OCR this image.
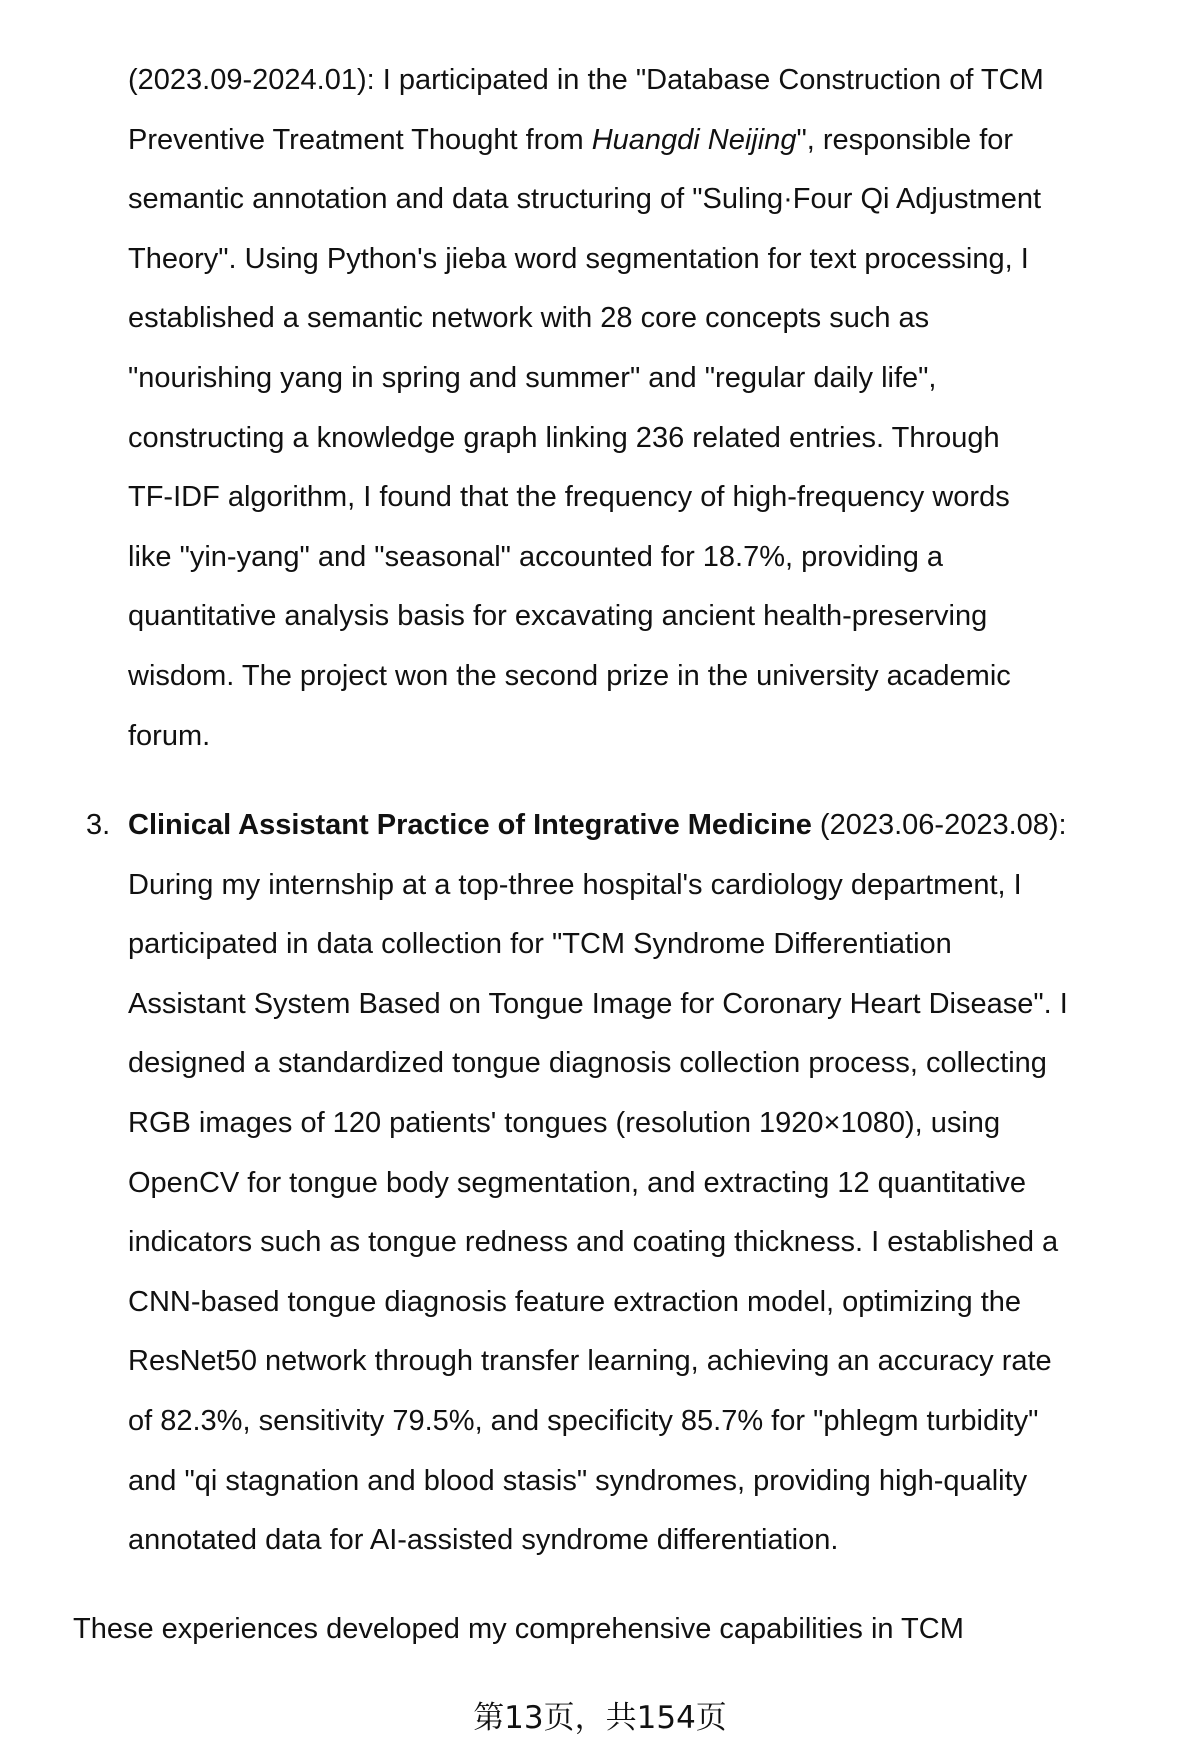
(2023.09-2024.01): I participated in the "Database Construction of TCM
Preventive Treatment Thought from Huangdi Neijing", responsible for
semantic annotation and data structuring of "Suling·Four Qi Adjustment
Theory". Using Python's jieba word segmentation for text processing, I
established a semantic network with 28 core concepts such as
"nourishing yang in spring and summer" and "regular daily life",
constructing a knowledge graph linking 236 related entries. Through
TF-IDF algorithm, I found that the frequency of high-frequency words
like "yin-yang" and "seasonal" accounted for 18.7%, providing a
quantitative analysis basis for excavating ancient health-preserving
wisdom. The project won the second prize in the university academic
forum.
Clinical Assistant Practice of Integrative Medicine (2023.06-2023.08):
During my internship at a top-three hospital's cardiology department, I
participated in data collection for "TCM Syndrome Differentiation
Assistant System Based on Tongue Image for Coronary Heart Disease". I
designed a standardized tongue diagnosis collection process, collecting
RGB images of 120 patients' tongues (resolution 1920×1080), using
OpenCV for tongue body segmentation, and extracting 12 quantitative
indicators such as tongue redness and coating thickness. I established a
CNN-based tongue diagnosis feature extraction model, optimizing the
ResNet50 network through transfer learning, achieving an accuracy rate
of 82.3%, sensitivity 79.5%, and specificity 85.7% for "phlegm turbidity"
and "qi stagnation and blood stasis" syndromes, providing high-quality
annotated data for AI-assisted syndrome differentiation.
These experiences developed my comprehensive capabilities in TCM
3.
第13页，共154页
